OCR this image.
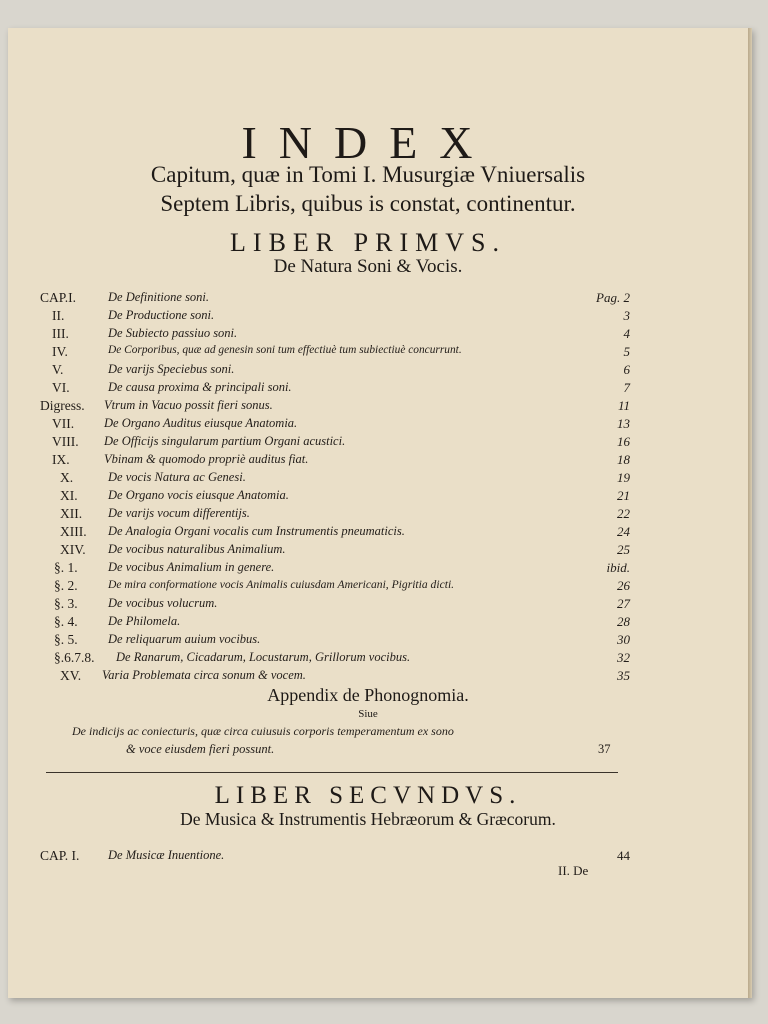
INDEX
Capitum, quæ in Tomi I. Musurgiæ Vniuersalis
Septem Libris, quibus is constat, continentur.
LIBER PRIMVS.
De Natura Soni & Vocis.
CAP.I.	De Definitione soni.	Pag. 2
II.	De Productione soni.	3
III.	De Subiecto passiuo soni.	4
IV.	De Corporibus, quæ ad genesin soni tum effectiuè tum subiectiuè concurrunt.	5
V.	De varijs Speciebus soni.	6
VI.	De causa proxima & principali soni.	7
Digress. Vtrum in Vacuo possit fieri sonus.	11
VII. De Organo Auditus eiusque Anatomia.	13
VIII. De Officijs singularum partium Organi acustici.	16
IX.	Vbinam & quomodo propriè auditus fiat.	18
X.	De vocis Natura ac Genesi.	19
XI. De Organo vocis eiusque Anatomia.	21
XII. De varijs vocum differentijs.	22
XIII. De Analogia Organi vocalis cum Instrumentis pneumaticis.	24
XIV. De vocibus naturalibus Animalium.	25
§. 1. De vocibus Animalium in genere.	ibid.
§. 2.	De mira conformatione vocis Animalis cuiusdam Americani, Pigritia dicti.	26
§. 3. De vocibus volucrum.	27
§. 4. De Philomela.	28
§. 5. De reliquarum auium vocibus.	30
§.6.7.8. De Ranarum, Cicadarum, Locustarum, Grillorum vocibus.	32
XV. Varia Problemata circa sonum & vocem.	35
Appendix de Phonognomia.
Siue
De indicijs ac coniecturis, quæ circa cuiusuis corporis temperamentum ex sono
& voce eiusdem fieri possunt.	37
LIBER SECVNDVS.
De Musica & Instrumentis Hebræorum & Græcorum.
CAP. I. De Musicæ Inuentione.	44
II. De
